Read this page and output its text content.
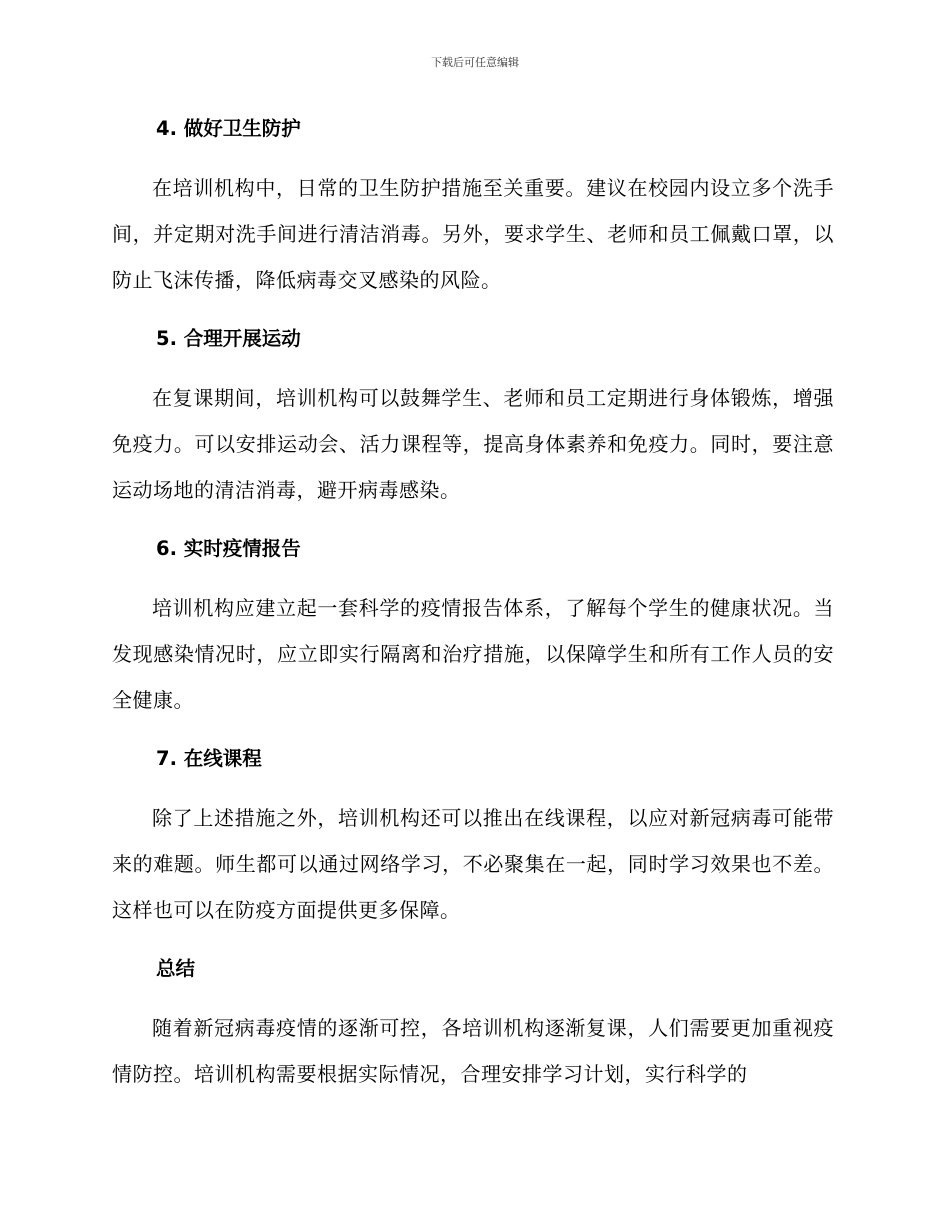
下载后可任意编辑
4. 做好卫生防护

在培训机构中，日常的卫生防护措施至关重要。建议在校园内设立多个洗手间，并定期对洗手间进行清洁消毒。另外，要求学生、老师和员工佩戴口罩，以防止飞沫传播，降低病毒交叉感染的风险。

5. 合理开展运动

在复课期间，培训机构可以鼓舞学生、老师和员工定期进行身体锻炼，增强免疫力。可以安排运动会、活力课程等，提高身体素养和免疫力。同时，要注意运动场地的清洁消毒，避开病毒感染。

6. 实时疫情报告

培训机构应建立起一套科学的疫情报告体系，了解每个学生的健康状况。当发现感染情况时，应立即实行隔离和治疗措施，以保障学生和所有工作人员的安全健康。

7. 在线课程

除了上述措施之外，培训机构还可以推出在线课程，以应对新冠病毒可能带来的难题。师生都可以通过网络学习，不必聚集在一起，同时学习效果也不差。这样也可以在防疫方面提供更多保障。

总结

随着新冠病毒疫情的逐渐可控，各培训机构逐渐复课，人们需要更加重视疫情防控。培训机构需要根据实际情况，合理安排学习计划，实行科学的
